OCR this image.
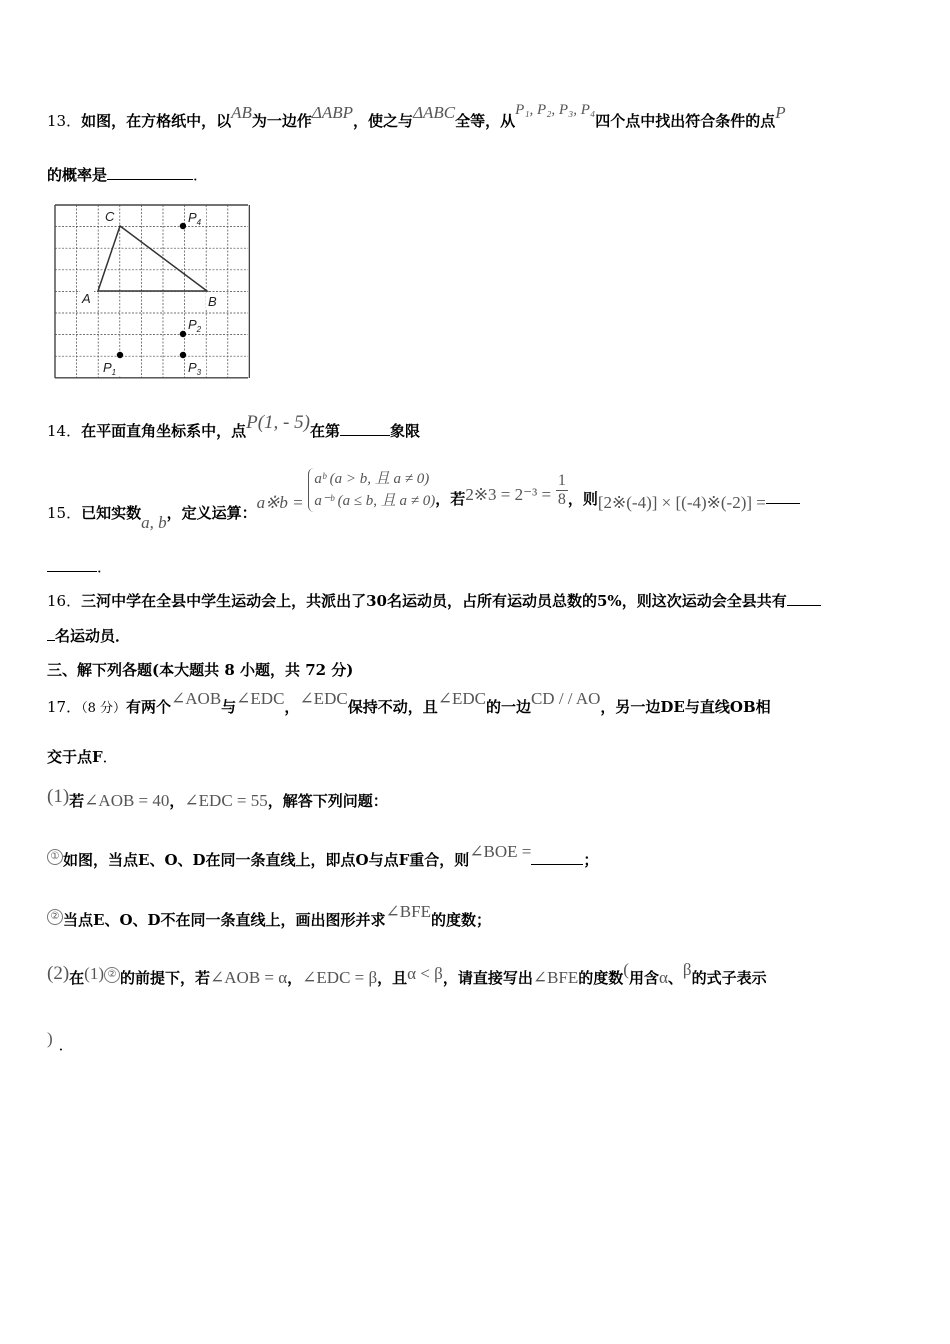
13．如图，在方格纸中，以AB为一边作ΔABP，使之与ΔABC全等，从P₁, P₂, P₃, P₄四个点中找出符合条件的点P
的概率是	．
C
A	B
$P_4$
$P_2$
$P_1$	$P_3$
14．在平面直角坐标系中，点P(1, - 5)在第	象限
15．已知实数a, b，定义运算：a※b =
aᵇ (a > b, 且 a ≠ 0)
a⁻ᵇ (a ≤ b, 且 a ≠ 0) ，若2※3 = $2^{-3} = \frac{1}{8}$ ，则[2※(-4)] × [(-4)※(-2)] =
．
16．三河中学在全县中学生运动会上，共派出了30名运动员，占所有运动员总数的5%，则这次运动会全县共有
名运动员．
三、解下列各题(本大题共 8 小题，共 72 分)
17．（8 分）有两个∠AOB与∠EDC，∠EDC保持不动，且∠EDC的一边CD / / AO，另一边DE与直线OB相
交于点F．
(1)若∠AOB = 40，∠EDC = 55，解答下列问题：
① 如图，当点E、O、D在同一条直线上，即点O与点F重合，则∠BOE =	；
② 当点E、O、D不在同一条直线上，画出图形并求∠BFE的度数；
(2)在(1) ② 的前提下，若∠AOB = α，∠EDC = β，且α < β，请直接写出∠BFE的度数(用含α、β的式子表示
) ．
